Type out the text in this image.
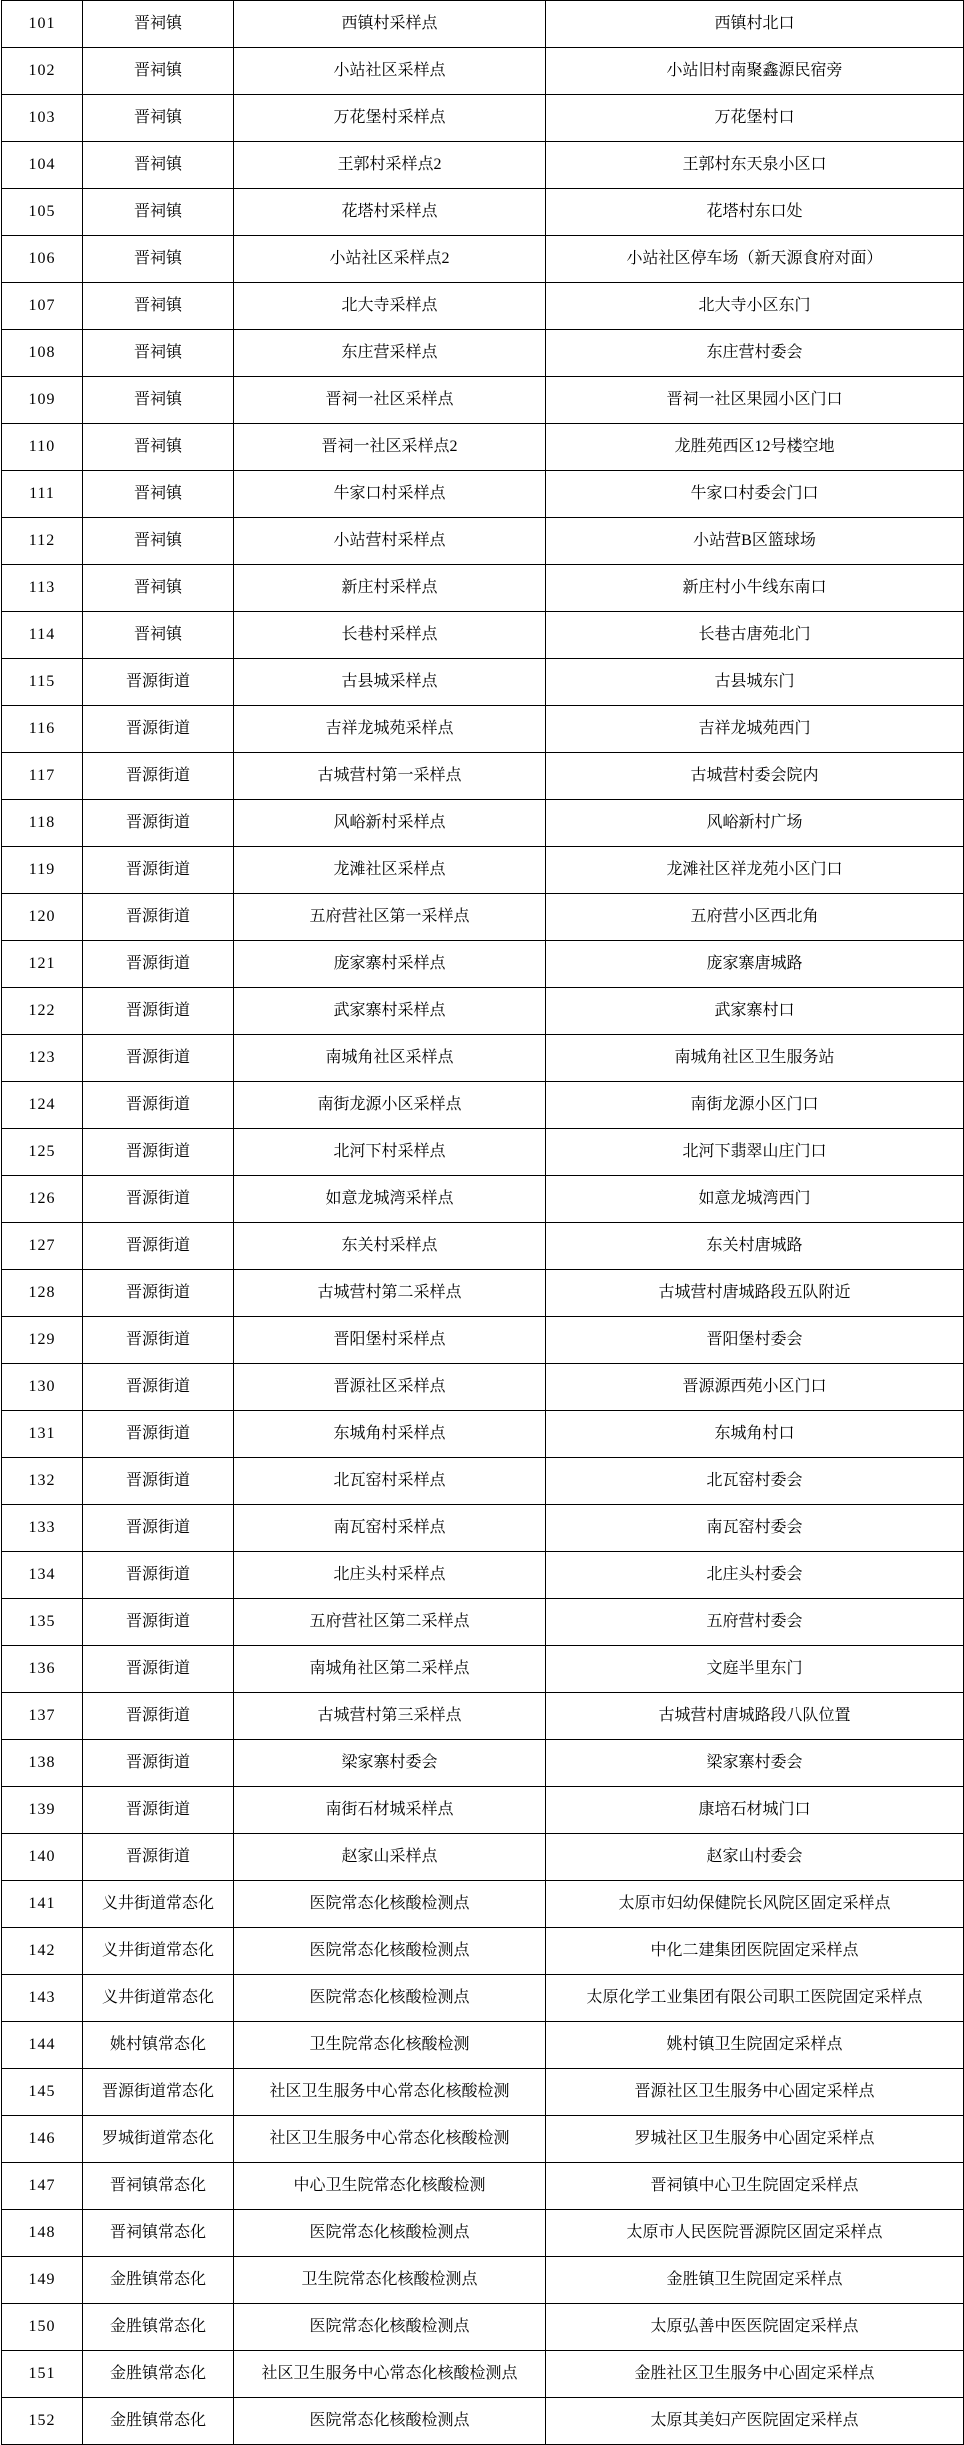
101	晋祠镇	西镇村采样点	西镇村北口
102	晋祠镇	小站社区采样点	小站旧村南聚鑫源民宿旁
103	晋祠镇	万花堡村采样点	万花堡村口
104	晋祠镇	王郭村采样点2	王郭村东天泉小区口
105	晋祠镇	花塔村采样点	花塔村东口处
106	晋祠镇	小站社区采样点2	小站社区停车场（新天源食府对面）
107	晋祠镇	北大寺采样点	北大寺小区东门
108	晋祠镇	东庄营采样点	东庄营村委会
109	晋祠镇	晋祠一社区采样点	晋祠一社区果园小区门口
110	晋祠镇	晋祠一社区采样点2	龙胜苑西区12号楼空地
111	晋祠镇	牛家口村采样点	牛家口村委会门口
112	晋祠镇	小站营村采样点	小站营B区篮球场
113	晋祠镇	新庄村采样点	新庄村小牛线东南口
114	晋祠镇	长巷村采样点	长巷古唐苑北门
115	晋源街道	古县城采样点	古县城东门
116	晋源街道	吉祥龙城苑采样点	吉祥龙城苑西门
117	晋源街道	古城营村第一采样点	古城营村委会院内
118	晋源街道	风峪新村采样点	风峪新村广场
119	晋源街道	龙滩社区采样点	龙滩社区祥龙苑小区门口
120	晋源街道	五府营社区第一采样点	五府营小区西北角
121	晋源街道	庞家寨村采样点	庞家寨唐城路
122	晋源街道	武家寨村采样点	武家寨村口
123	晋源街道	南城角社区采样点	南城角社区卫生服务站
124	晋源街道	南街龙源小区采样点	南街龙源小区门口
125	晋源街道	北河下村采样点	北河下翡翠山庄门口
126	晋源街道	如意龙城湾采样点	如意龙城湾西门
127	晋源街道	东关村采样点	东关村唐城路
128	晋源街道	古城营村第二采样点	古城营村唐城路段五队附近
129	晋源街道	晋阳堡村采样点	晋阳堡村委会
130	晋源街道	晋源社区采样点	晋源源西苑小区门口
131	晋源街道	东城角村采样点	东城角村口
132	晋源街道	北瓦窑村采样点	北瓦窑村委会
133	晋源街道	南瓦窑村采样点	南瓦窑村委会
134	晋源街道	北庄头村采样点	北庄头村委会
135	晋源街道	五府营社区第二采样点	五府营村委会
136	晋源街道	南城角社区第二采样点	文庭半里东门
137	晋源街道	古城营村第三采样点	古城营村唐城路段八队位置
138	晋源街道	梁家寨村委会	梁家寨村委会
139	晋源街道	南街石材城采样点	康培石材城门口
140	晋源街道	赵家山采样点	赵家山村委会
141	义井街道常态化	医院常态化核酸检测点	太原市妇幼保健院长风院区固定采样点
142	义井街道常态化	医院常态化核酸检测点	中化二建集团医院固定采样点
143	义井街道常态化	医院常态化核酸检测点	太原化学工业集团有限公司职工医院固定采样点
144	姚村镇常态化	卫生院常态化核酸检测	姚村镇卫生院固定采样点
145	晋源街道常态化	社区卫生服务中心常态化核酸检测	晋源社区卫生服务中心固定采样点
146	罗城街道常态化	社区卫生服务中心常态化核酸检测	罗城社区卫生服务中心固定采样点
147	晋祠镇常态化	中心卫生院常态化核酸检测	晋祠镇中心卫生院固定采样点
148	晋祠镇常态化	医院常态化核酸检测点	太原市人民医院晋源院区固定采样点
149	金胜镇常态化	卫生院常态化核酸检测点	金胜镇卫生院固定采样点
150	金胜镇常态化	医院常态化核酸检测点	太原弘善中医医院固定采样点
151	金胜镇常态化	社区卫生服务中心常态化核酸检测点	金胜社区卫生服务中心固定采样点
152	金胜镇常态化	医院常态化核酸检测点	太原其美妇产医院固定采样点
